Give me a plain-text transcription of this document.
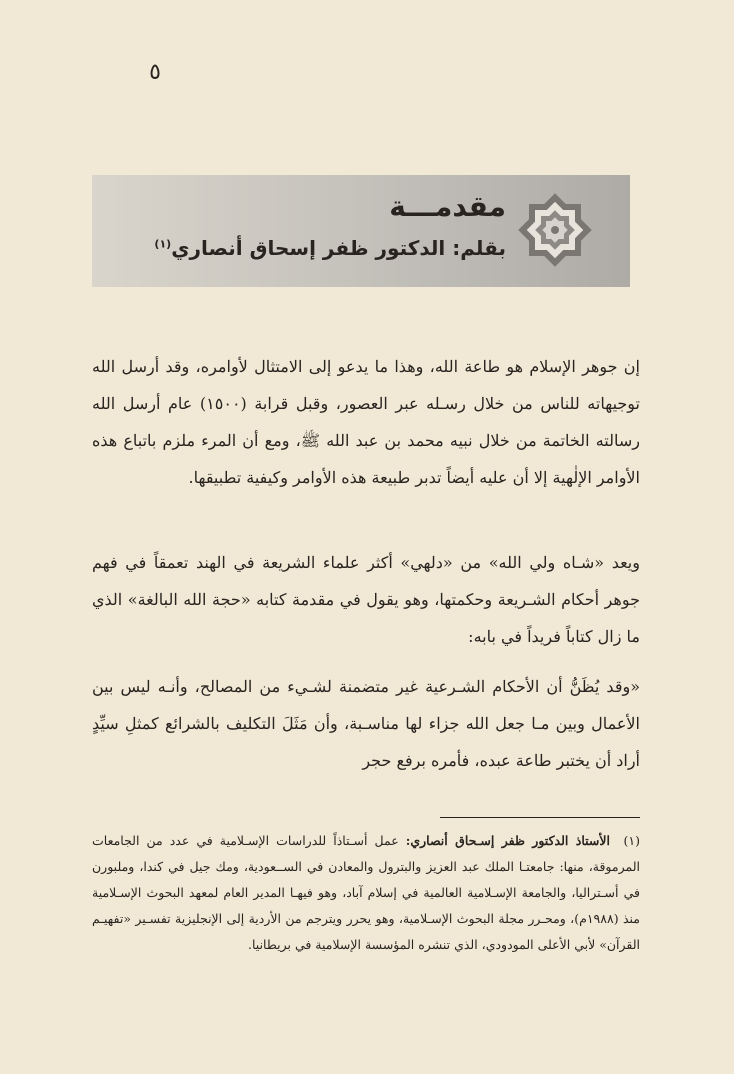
٥
مقدمـــة
بقلم: الدكتور ظفر إسحاق أنصاري$^{(١)}$

إن جوهر الإسلام هو طاعة الله، وهذا ما يدعو إلى الامتثال لأوامره، وقد أرسل الله توجيهاته للناس من خلال رسـله عبر العصور، وقبل قرابة (١٥٠٠) عام أرسل الله رسالته الخاتمة من خلال نبيه محمد بن عبد الله ﷺ، ومع أن المرء ملزم باتباع هذه الأوامر الإلٰهية إلا أن عليه أيضاً تدبر طبيعة هذه الأوامر وكيفية تطبيقها.

ويعد «شـاه ولي الله» من «دلهي» أكثر علماء الشريعة في الهند تعمقاً في فهم جوهر أحكام الشـريعة وحكمتها، وهو يقول في مقدمة كتابه «حجة الله البالغة» الذي ما زال كتاباً فريداً في بابه:

«وقد يُظَنُّ أن الأحكام الشـرعية غير متضمنة لشـيء من المصالح، وأنـه ليس بين الأعمال وبين مـا جعل الله جزاء لها مناسـبة، وأن مَثَلَ التكليف بالشرائع كمثلِ سيِّدٍ أراد أن يختبر طاعة عبده، فأمره برفع حجر

(١)الأستاذ الدكتور ظفر إسـحاق أنصاري: عمل أسـتاذاً للدراسات الإسـلامية في عدد من الجامعات المرموقة، منها: جامعتـا الملك عبد العزيز والبترول والمعادن في الســعودية، ومك جيل في كندا، وملبورن في أسـتراليا، والجامعة الإسـلامية العالمية في إسلام آباد، وهو فيهـا المدير العام لمعهد البحوث الإسـلامية منذ (١٩٨٨م)، ومحـرر مجلة البحوث الإسـلامية، وهو يحرر ويترجم من الأردية إلى الإنجليزية تفسـير «تفهيـم القرآن» لأبي الأعلى المودودي، الذي تنشره المؤسسة الإسلامية في بريطانيا.
